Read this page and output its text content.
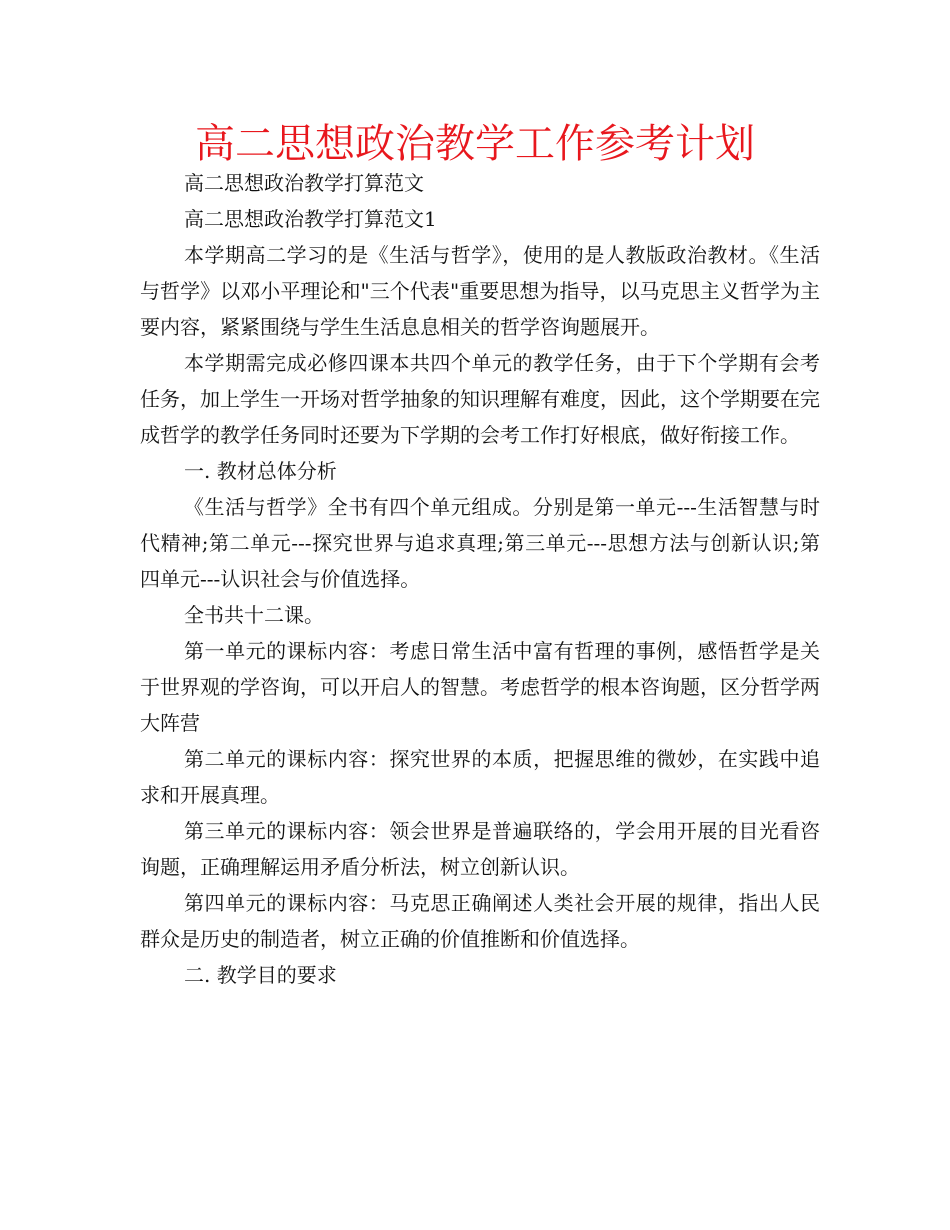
高二思想政治教学工作参考计划

高二思想政治教学打算范文

高二思想政治教学打算范文1

本学期高二学习的是《生活与哲学》，使用的是人教版政治教材。《生活与哲学》以邓小平理论和"三个代表"重要思想为指导，以马克思主义哲学为主要内容，紧紧围绕与学生生活息息相关的哲学咨询题展开。

本学期需完成必修四课本共四个单元的教学任务，由于下个学期有会考任务，加上学生一开场对哲学抽象的知识理解有难度，因此，这个学期要在完成哲学的教学任务同时还要为下学期的会考工作打好根底，做好衔接工作。

一. 教材总体分析

《生活与哲学》全书有四个单元组成。分别是第一单元---生活智慧与时代精神;第二单元---探究世界与追求真理;第三单元---思想方法与创新认识;第四单元---认识社会与价值选择。

全书共十二课。

第一单元的课标内容：考虑日常生活中富有哲理的事例，感悟哲学是关于世界观的学咨询，可以开启人的智慧。考虑哲学的根本咨询题，区分哲学两大阵营

第二单元的课标内容：探究世界的本质，把握思维的微妙，在实践中追求和开展真理。

第三单元的课标内容：领会世界是普遍联络的，学会用开展的目光看咨询题，正确理解运用矛盾分析法，树立创新认识。

第四单元的课标内容：马克思正确阐述人类社会开展的规律，指出人民群众是历史的制造者，树立正确的价值推断和价值选择。

二. 教学目的要求
